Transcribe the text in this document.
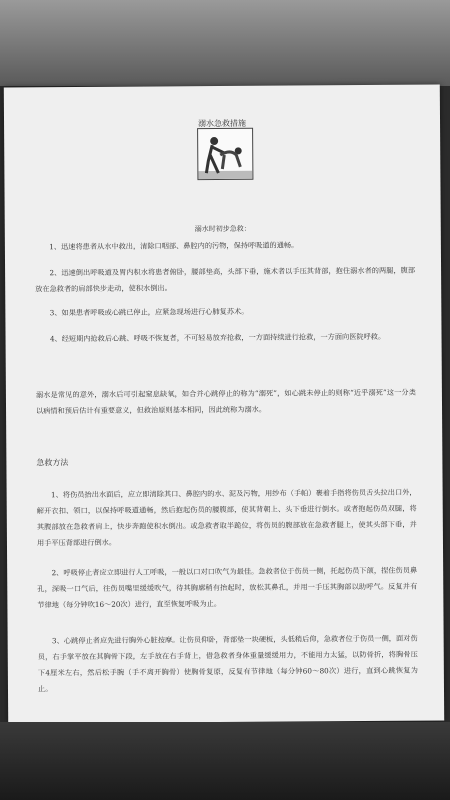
溺水急救措施
溺水时初步急救：
1、迅速将患者从水中救出，清除口咽部、鼻腔内的污物，保持呼吸道的通畅。
2、迅速倒出呼吸道及胃内积水将患者俯卧，腰部垫高，头部下垂，施术者以手压其背部，抱住溺水者的两腿，腹部放在急救者的肩部快步走动，使积水倒出。
3、如果患者呼吸或心跳已停止，应紧急现场进行心肺复苏术。
4、经短期内抢救后心跳、呼吸不恢复者，不可轻易放弃抢救，一方面持续进行抢救，一方面向医院呼救。
溺水是常见的意外，溺水后可引起窒息缺氧，如合并心跳停止的称为“溺死”，如心跳未停止的则称“近乎溺死”这一分类以病情和预后估计有重要意义，但救治原则基本相同，因此统称为溺水。
急救方法
1、将伤员抬出水面后，应立即清除其口、鼻腔内的水、泥及污物，用纱布（手帕）裹着手指将伤员舌头拉出口外，解开衣扣、领口，以保持呼吸道通畅，然后抱起伤员的腰腹部，使其背朝上、头下垂进行倒水。或者抱起伤员双腿，将其腹部放在急救者肩上，快步奔跑使积水倒出。或急救者取半跪位，将伤员的腹部放在急救者腿上，使其头部下垂，并用手平压背部进行倒水。
2、呼吸停止者应立即进行人工呼吸，一般以口对口吹气为最佳。急救者位于伤员一侧，托起伤员下颌，捏住伤员鼻孔，深吸一口气后，往伤员嘴里缓缓吹气，待其胸廓稍有抬起时，放松其鼻孔，并用一手压其胸部以助呼气。反复并有节律地（每分钟吹16～20次）进行，直至恢复呼吸为止。
3、心跳停止者应先进行胸外心脏按摩。让伤员仰卧，背部垫一块硬板，头低稍后仰，急救者位于伤员一侧，面对伤员，右手掌平放在其胸骨下段，左手放在右手背上，借急救者身体重量缓缓用力，不能用力太猛，以防骨折，将胸骨压下4厘米左右，然后松手腕（手不离开胸骨）使胸骨复原，反复有节律地（每分钟60～80次）进行，直到心跳恢复为止。
